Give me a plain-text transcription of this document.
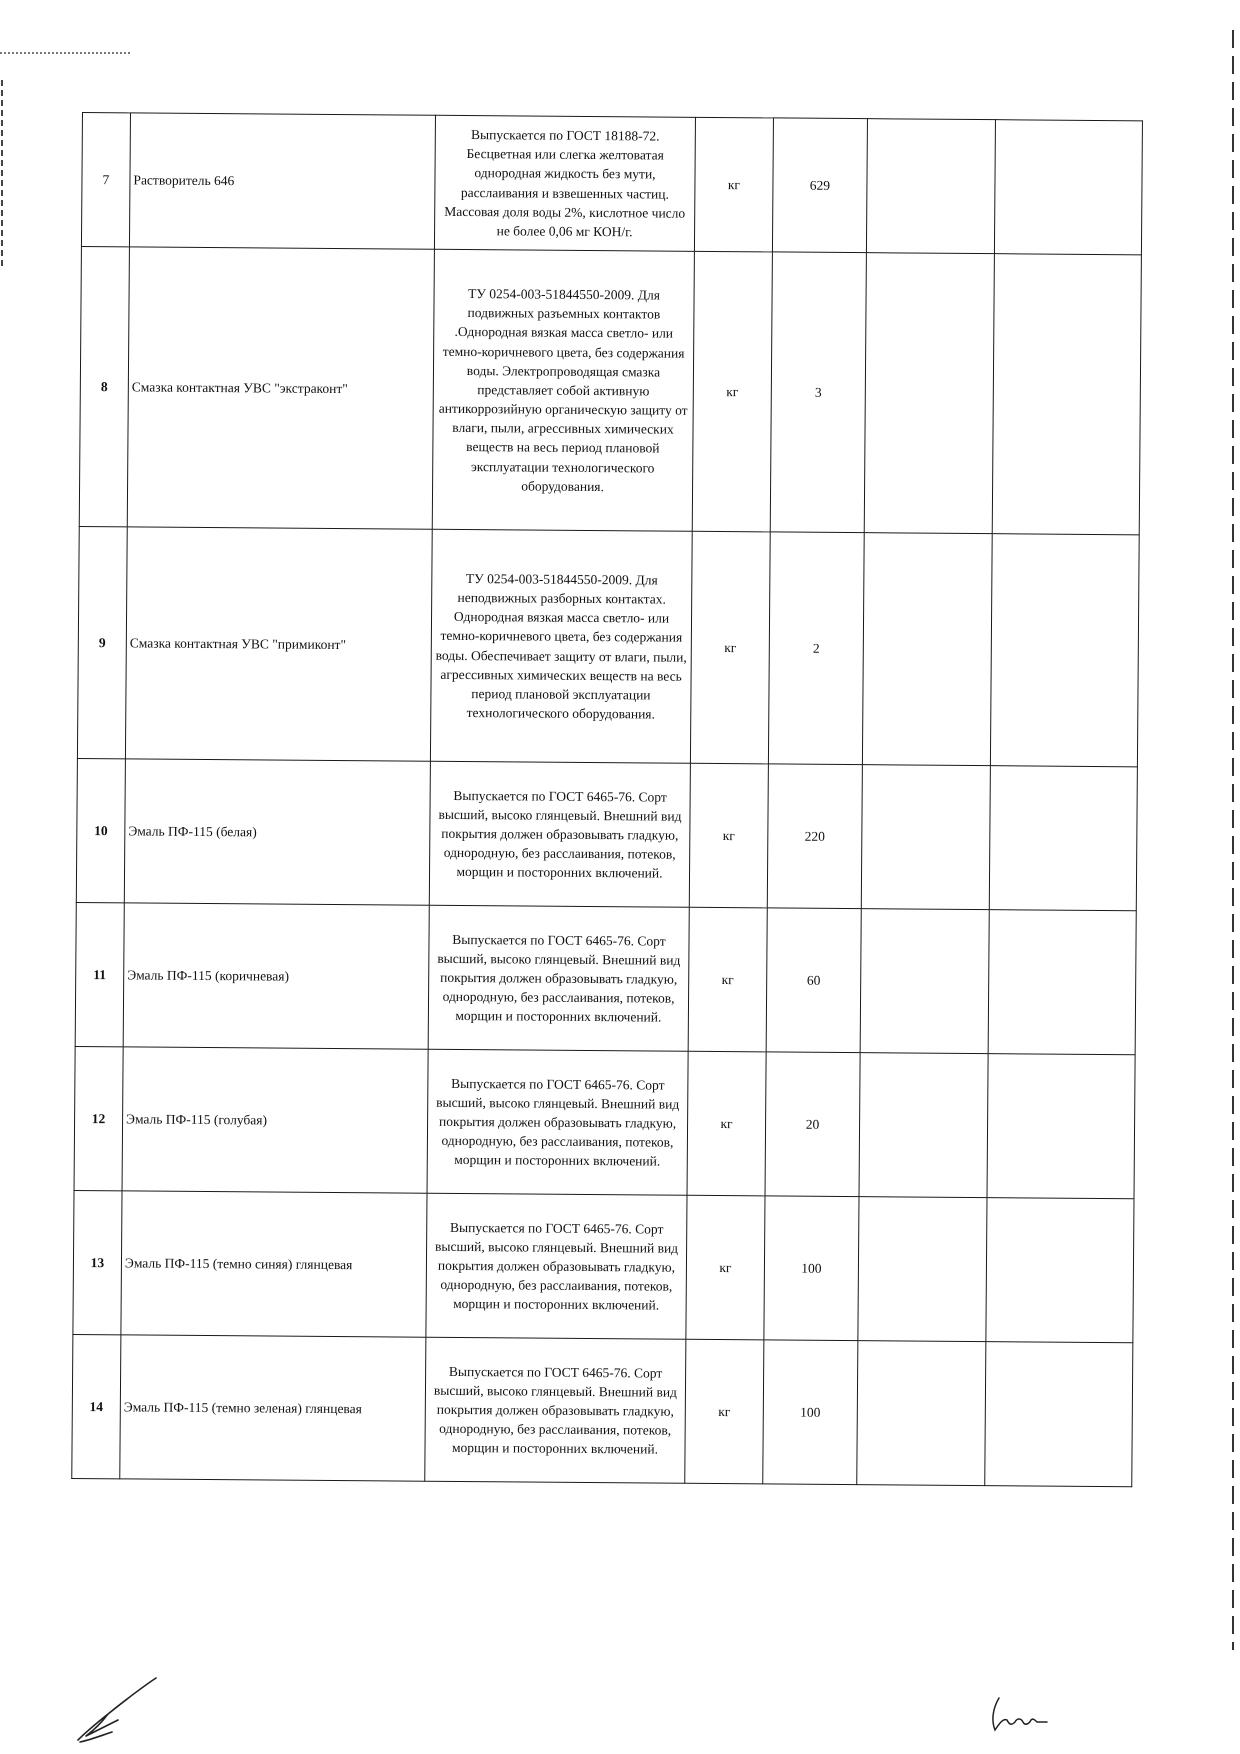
7	Растворитель 646	Выпускается по ГОСТ 18188-72. Бесцветная или слегка желтоватая однородная жидкость без мути, расслаивания и взвешенных частиц. Массовая доля воды 2%, кислотное число не более 0,06 мг КОН/г.	кг	629		
8	Смазка контактная УВС "экстраконт"	ТУ 0254-003-51844550-2009. Для подвижных разъемных контактов .Однородная вязкая масса светло- или темно-коричневого цвета, без содержания воды. Электропроводящая смазка представляет собой активную антикоррозийную органическую защиту от влаги, пыли, агрессивных химических веществ на весь период плановой эксплуатации технологического оборудования.	кг	3		
9	Смазка контактная УВС "примиконт"	ТУ 0254-003-51844550-2009. Для неподвижных разборных контактах. Однородная вязкая масса светло- или темно-коричневого цвета, без содержания воды. Обеспечивает защиту от влаги, пыли, агрессивных химических веществ на весь период плановой эксплуатации технологического оборудования.	кг	2		
10	Эмаль ПФ-115 (белая)	Выпускается по ГОСТ 6465-76. Сорт высший, высоко глянцевый. Внешний вид покрытия должен образовывать гладкую, однородную, без расслаивания, потеков, морщин и посторонних включений.	кг	220		
11	Эмаль ПФ-115 (коричневая)	Выпускается по ГОСТ 6465-76. Сорт высший, высоко глянцевый. Внешний вид покрытия должен образовывать гладкую, однородную, без расслаивания, потеков, морщин и посторонних включений.	кг	60		
12	Эмаль ПФ-115 (голубая)	Выпускается по ГОСТ 6465-76. Сорт высший, высоко глянцевый. Внешний вид покрытия должен образовывать гладкую, однородную, без расслаивания, потеков, морщин и посторонних включений.	кг	20		
13	Эмаль ПФ-115 (темно синяя) глянцевая	Выпускается по ГОСТ 6465-76. Сорт высший, высоко глянцевый. Внешний вид покрытия должен образовывать гладкую, однородную, без расслаивания, потеков, морщин и посторонних включений.	кг	100		
14	Эмаль ПФ-115 (темно зеленая) глянцевая	Выпускается по ГОСТ 6465-76. Сорт высший, высоко глянцевый. Внешний вид покрытия должен образовывать гладкую, однородную, без расслаивания, потеков, морщин и посторонних включений.	кг	100		
